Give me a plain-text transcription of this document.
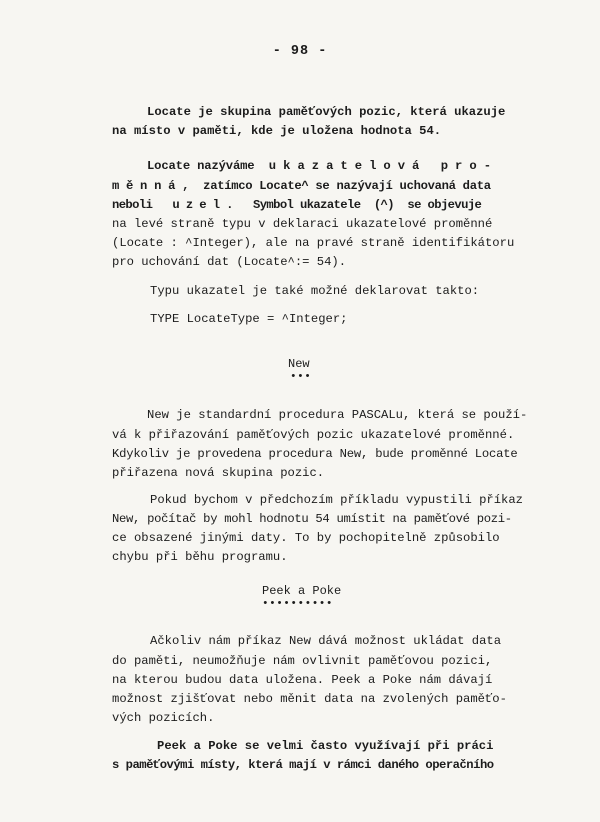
- 98 -
Locate je skupina paměťových pozic, která ukazuje
na místo v paměti, kde je uložena hodnota 54.
Locate nazýváme  u k a z a t e l o v á   p r o -
m ě n n á ,  zatímco Locate^ se nazývají uchovaná data
neboli   u z e l .   Symbol ukazatele  (^)  se objevuje
na levé straně typu v deklaraci ukazatelové proměnné
(Locate : ^Integer), ale na pravé straně identifikátoru
pro uchování dat (Locate^:= 54).
Typu ukazatel je také možné deklarovat takto:
TYPE LocateType = ^Integer;
New
•••
New je standardní procedura PASCALu, která se použí-
vá k přiřazování paměťových pozic ukazatelové proměnné.
Kdykoliv je provedena procedura New, bude proměnné Locate
přiřazena nová skupina pozic.
Pokud bychom v předchozím příkladu vypustili příkaz
New, počítač by mohl hodnotu 54 umístit na paměťové pozi-
ce obsazené jinými daty. To by pochopitelně způsobilo
chybu při běhu programu.
Peek a Poke
••••••••••
Ačkoliv nám příkaz New dává možnost ukládat data
do paměti, neumožňuje nám ovlivnit paměťovou pozici,
na kterou budou data uložena. Peek a Poke nám dávají
možnost zjišťovat nebo měnit data na zvolených paměťo-
vých pozicích.
Peek a Poke se velmi často využívají při práci
s paměťovými místy, která mají v rámci daného operačního
